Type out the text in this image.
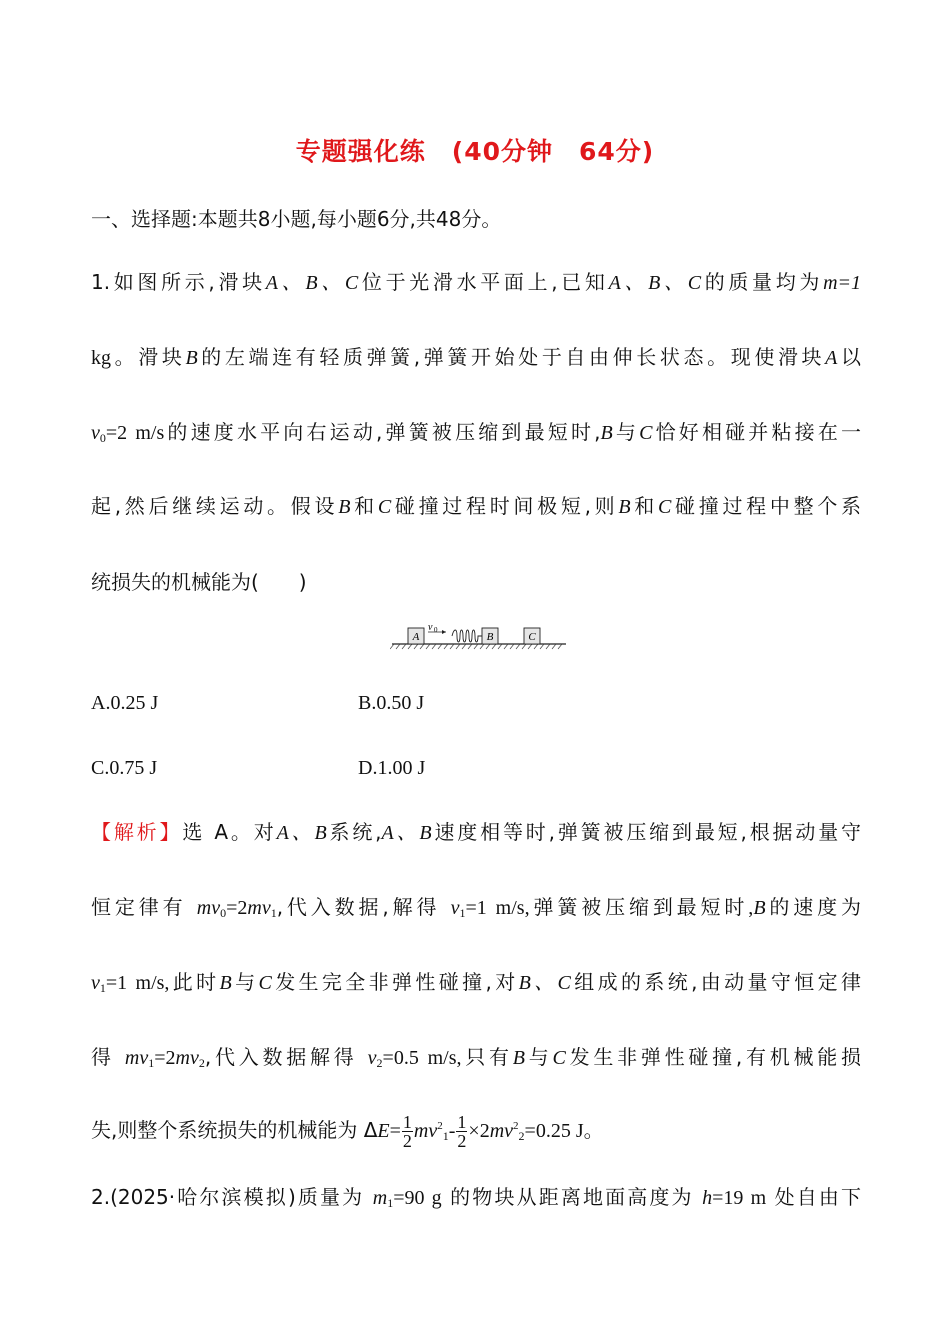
专题强化练　(40分钟　64分)
一、选择题:本题共8小题,每小题6分,共48分。
1.如图所示,滑块A、B、C位于光滑水平面上,已知A、B、C的质量均为m=1
kg。滑块B的左端连有轻质弹簧,弹簧开始处于自由伸长状态。现使滑块A以
$v_0=2$ m/s的速度水平向右运动,弹簧被压缩到最短时,B与C恰好相碰并粘接在一
起,然后继续运动。假设B和C碰撞过程时间极短,则B和C碰撞过程中整个系
统损失的机械能为(　　)
A
v 0
B	C
A.0.25 J	B.0.50 J
C.0.75 J	D.1.00 J
【解析】选 A。对A、B系统,A、B速度相等时,弹簧被压缩到最短,根据动量守
恒定律有 $mv_0=2mv_1$,代入数据,解得 $v_1=1$ m/s,弹簧被压缩到最短时,B的速度为
$v_1=1$ m/s,此时B与C发生完全非弹性碰撞,对B、C组成的系统,由动量守恒定律
得 $mv_1=2mv_2$,代入数据解得 $v_2=0.5$ m/s,只有B与C发生非弹性碰撞,有机械能损
失,则整个系统损失的机械能为 $\Delta E= \frac{1}{2} mv^2_1- \frac{1}{2} \times 2mv^2_2=0.25$ J。
2.(2025·哈尔滨模拟)质量为 $m_1=90$ g 的物块从距离地面高度为 h=19 m 处自由下
